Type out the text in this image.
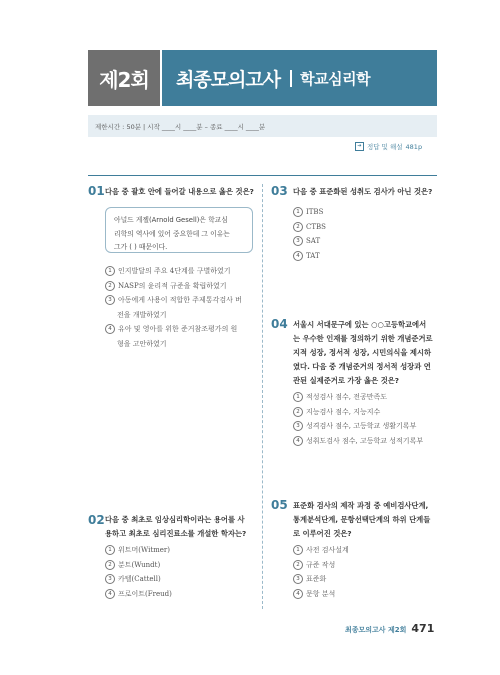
제2회 최종모의고사 학교심리학
제한시간 : 50분 | 시작 ____시 ____분 – 종료 ____시 ____분
➔ 정답 및 해설 481p
01 다음 중 괄호 안에 들어갈 내용으로 옳은 것은?
아널드 게젤(Arnold Gesell)은 학교심
리학의 역사에 있어 중요한데 그 이유는
그가 ( ) 때문이다.
1 인지발달의 주요 4단계를 구별하였기
2 NASP의 윤리적 규준을 확립하였기
3 아동에게 사용이 적합한 주제통각검사 버
전을 개발하였기
4 유아 및 영아를 위한 준거참조평가의 원
형을 고안하였기
02 다음 중 최초로 임상심리학이라는 용어를 사
용하고 최초로 심리진료소를 개설한 학자는?
1 위트머(Witmer)
2 분트(Wundt)
3 카텔(Cattell)
4 프로이트(Freud)
03 다음 중 표준화된 성취도 검사가 아닌 것은?
1 ITBS
2 CTBS
3 SAT
4 TAT
04 서울시 서대문구에 있는 ○○고등학교에서
는 우수한 인재를 정의하기 위한 개념준거로
지적 성장, 정서적 성장, 시민의식을 제시하
였다. 다음 중 개념준거의 정서적 성장과 연
관된 실제준거로 가장 옳은 것은?
1 적성검사 점수, 전공만족도
2 지능검사 점수, 지능지수
3 성격검사 점수, 고등학교 생활기록부
4 성취도검사 점수, 고등학교 성적기록부
05 표준화 검사의 제작 과정 중 예비검사단계,
통계분석단계, 문항선택단계의 하위 단계들
로 이루어진 것은?
1 사전 검사설계
2 규준 작성
3 표준화
4 문항 분석
최종모의고사 제2회 471
